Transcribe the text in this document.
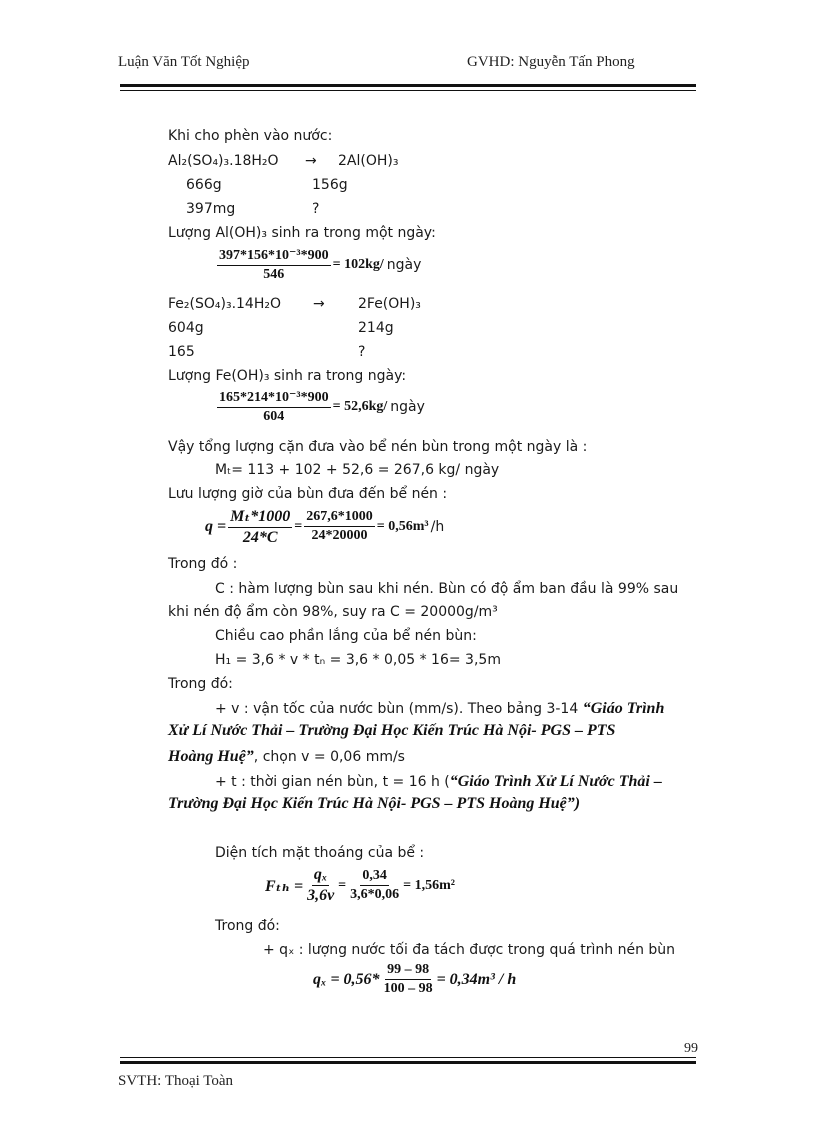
Luận Văn Tốt Nghiệp	GVHD: Nguyễn Tấn Phong
Khi cho phèn vào nước:
Al₂(SO₄)₃.18H₂O → 2Al(OH)₃
666g	156g
397mg	?
Lượng Al(OH)₃ sinh ra trong một ngày:
$\frac{\text{397*156*10⁻³*900}}{546} = 102kg/$ ngày
Fe₂(SO₄)₃.14H₂O → 2Fe(OH)₃
604g	214g
165	?
Lượng Fe(OH)₃ sinh ra trong ngày:
$\frac{\text{165*214*10⁻³*900}}{604} = 52,6kg/$ ngày
Vậy tổng lượng cặn đưa vào bể nén bùn trong một ngày là :
Mₜ= 113 + 102 + 52,6 = 267,6 kg/ ngày
Lưu lượng giờ của bùn đưa đến bể nén :
$q = \frac{\text{Mₜ*1000}}{24*C} = \frac{267,6*1000}{24*20000} = 0,56m^3$ /h
Trong đó :
C : hàm lượng bùn sau khi nén. Bùn có độ ẩm ban đầu là 99% sau
khi nén độ ẩm còn 98%, suy ra C = 20000g/m³
Chiều cao phần lắng của bể nén bùn:
H₁ = 3,6 * v * tₙ = 3,6 * 0,05 * 16= 3,5m
Trong đó:
+ v : vận tốc của nước bùn (mm/s). Theo bảng 3-14 “Giáo Trình
Xử Lí Nước Thải – Trường Đại Học Kiến Trúc Hà Nội- PGS – PTS
Hoàng Huệ”, chọn v = 0,06 mm/s
+ t : thời gian nén bùn, t = 16 h (“Giáo Trình Xử Lí Nước Thải –
Trường Đại Học Kiến Trúc Hà Nội- PGS – PTS Hoàng Huệ”)
Diện tích mặt thoáng của bể :
$F_{th} = \frac{\text{qₓ}}{3,6v} = \frac{0,34}{3,6*0,06} = 1,56m^2$
Trong đó:
+ qₓ : lượng nước tối đa tách được trong quá trình nén bùn
$q_x = 0,56* \frac{99 - 98}{100 - 98} = 0,34m^3 / h$
99
SVTH: Thoại Toàn
